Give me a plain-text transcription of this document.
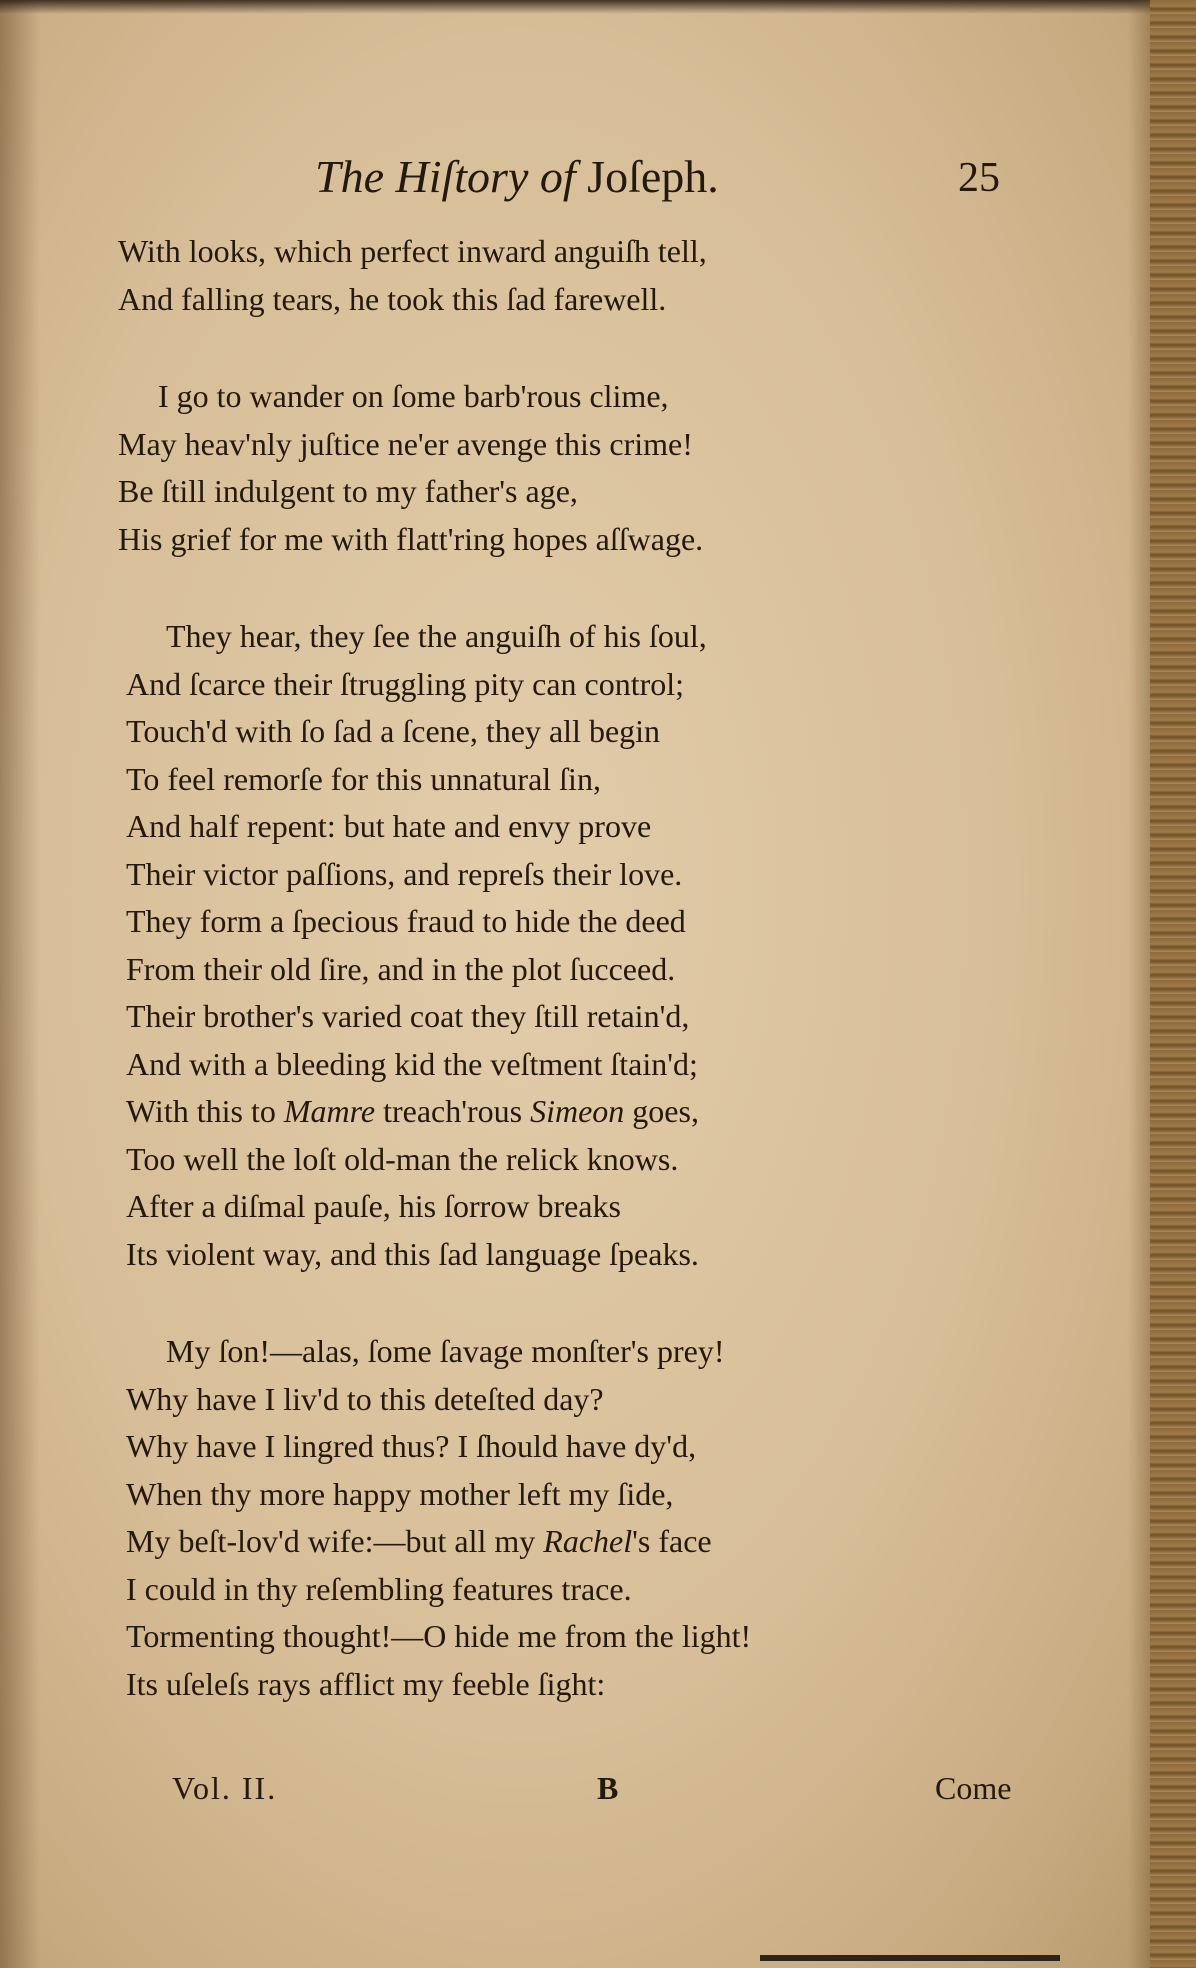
The Hiſtory of Joſeph.	25
With looks, which perfect inward anguiſh tell,
And falling tears, he took this ſad farewell.
I go to wander on ſome barb'rous clime,
May heav'nly juſtice ne'er avenge this crime!
Be ſtill indulgent to my father's age,
His grief for me with flatt'ring hopes aſſwage.
They hear, they ſee the anguiſh of his ſoul,
And ſcarce their ſtruggling pity can control;
Touch'd with ſo ſad a ſcene, they all begin
To feel remorſe for this unnatural ſin,
And half repent: but hate and envy prove
Their victor paſſions, and repreſs their love.
They form a ſpecious fraud to hide the deed
From their old ſire, and in the plot ſucceed.
Their brother's varied coat they ſtill retain'd,
And with a bleeding kid the veſtment ſtain'd;
With this to Mamre treach'rous Simeon goes,
Too well the loſt old-man the relick knows.
After a diſmal pauſe, his ſorrow breaks
Its violent way, and this ſad language ſpeaks.
My ſon!—alas, ſome ſavage monſter's prey!
Why have I liv'd to this deteſted day?
Why have I lingred thus? I ſhould have dy'd,
When thy more happy mother left my ſide,
My beſt-lov'd wife:—but all my Rachel's face
I could in thy reſembling features trace.
Tormenting thought!—O hide me from the light!
Its uſeleſs rays afflict my feeble ſight:
Vol. II.	B	Come
